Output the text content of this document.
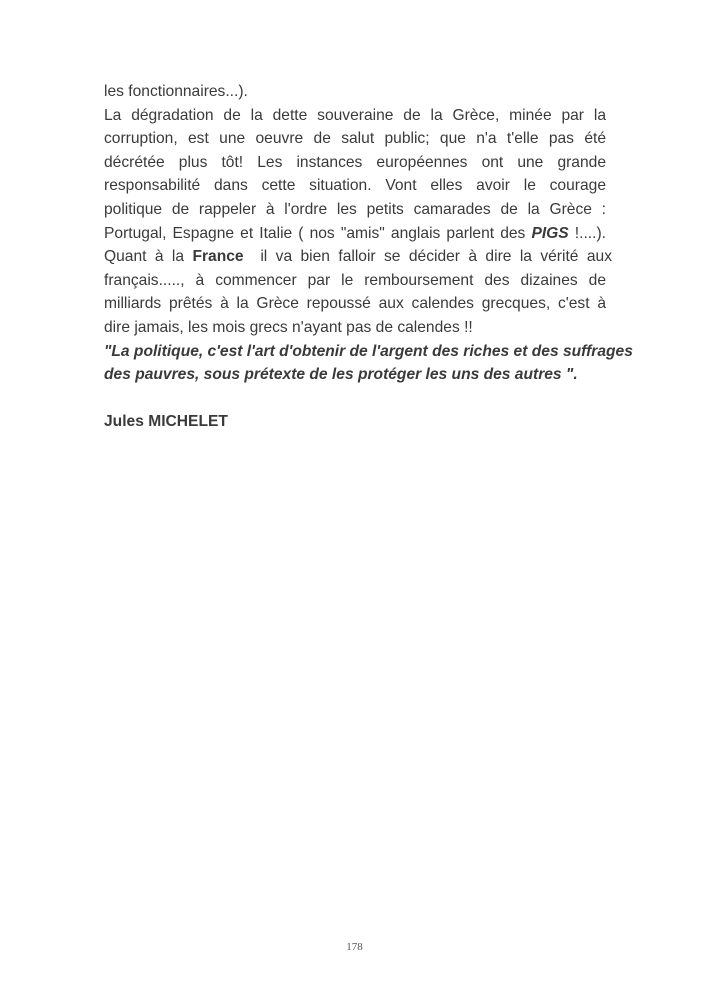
les fonctionnaires...).
La dégradation de la dette souveraine de la Grèce, minée par la
corruption, est une oeuvre de salut public; que n'a t'elle pas été
décrétée plus tôt! Les instances européennes ont une grande
responsabilité dans cette situation. Vont elles avoir le courage
politique de rappeler à l'ordre les petits camarades de la Grèce :
Portugal, Espagne et Italie ( nos "amis" anglais parlent des PIGS !....).
Quant à la France  il va bien falloir se décider à dire la vérité aux
français....., à commencer par le remboursement des dizaines de
milliards prêtés à la Grèce repoussé aux calendes grecques, c'est à
dire jamais, les mois grecs n'ayant pas de calendes !!
"La politique, c'est l'art d'obtenir de l'argent des riches et des suffrages
des pauvres, sous prétexte de les protéger les uns des autres ".
Jules MICHELET
178
